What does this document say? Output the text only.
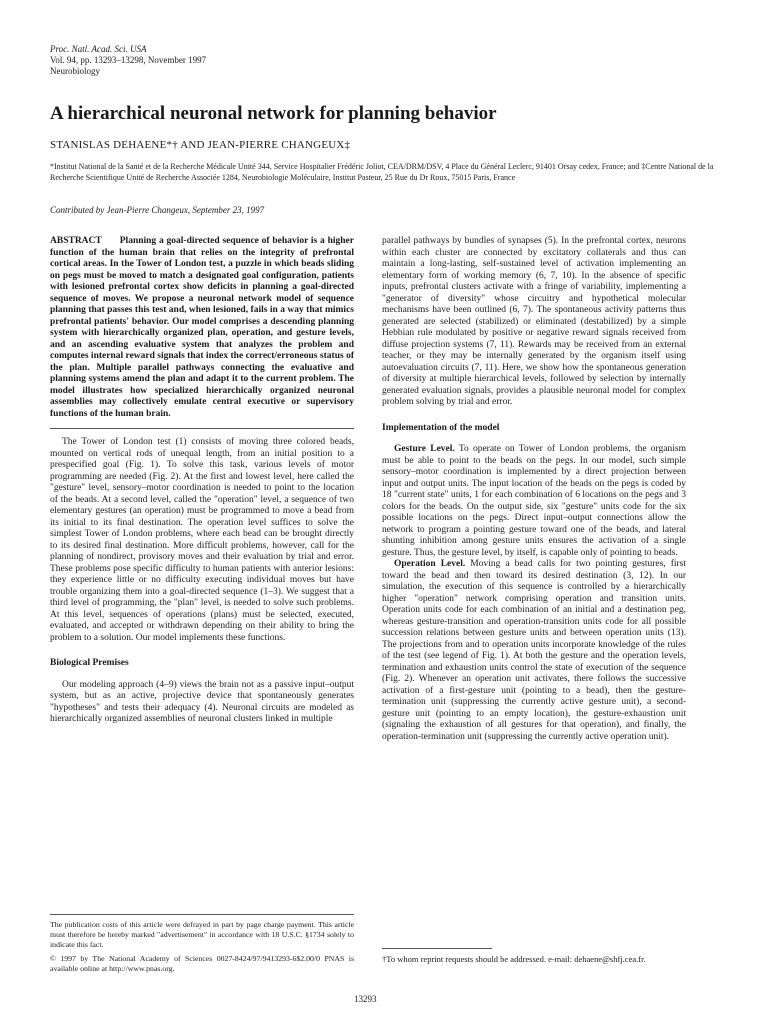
Proc. Natl. Acad. Sci. USA
Vol. 94, pp. 13293–13298, November 1997
Neurobiology
A hierarchical neuronal network for planning behavior
STANISLAS DEHAENE*† AND JEAN-PIERRE CHANGEUX‡
*Institut National de la Santé et de la Recherche Médicale Unité 344, Service Hospitalier Frédéric Joliot, CEA/DRM/DSV, 4 Place du Général Leclerc, 91401 Orsay cedex, France; and ‡Centre National de la Recherche Scientifique Unité de Recherche Associée 1284, Neurobiologie Moléculaire, Institut Pasteur, 25 Rue du Dr Roux, 75015 Paris, France
Contributed by Jean-Pierre Changeux, September 23, 1997

ABSTRACT Planning a goal-directed sequence of behavior is a higher function of the human brain that relies on the integrity of prefrontal cortical areas. In the Tower of London test, a puzzle in which beads sliding on pegs must be moved to match a designated goal configuration, patients with lesioned prefrontal cortex show deficits in planning a goal-directed sequence of moves. We propose a neuronal network model of sequence planning that passes this test and, when lesioned, fails in a way that mimics prefrontal patients' behavior. Our model comprises a descending planning system with hierarchically organized plan, operation, and gesture levels, and an ascending evaluative system that analyzes the problem and computes internal reward signals that index the correct/erroneous status of the plan. Multiple parallel pathways connecting the evaluative and planning systems amend the plan and adapt it to the current problem. The model illustrates how specialized hierarchically organized neuronal assemblies may collectively emulate central executive or supervisory functions of the human brain.

The Tower of London test (1) consists of moving three colored beads, mounted on vertical rods of unequal length, from an initial position to a prespecified goal (Fig. 1). To solve this task, various levels of motor programming are needed (Fig. 2). At the first and lowest level, here called the "gesture" level, sensory–motor coordination is needed to point to the location of the beads. At a second level, called the "operation" level, a sequence of two elementary gestures (an operation) must be programmed to move a bead from its initial to its final destination. The operation level suffices to solve the simplest Tower of London problems, where each bead can be brought directly to its desired final destination. More difficult problems, however, call for the planning of nondirect, provisory moves and their evaluation by trial and error. These problems pose specific difficulty to human patients with anterior lesions: they experience little or no difficulty executing individual moves but have trouble organizing them into a goal-directed sequence (1–3). We suggest that a third level of programming, the "plan" level, is needed to solve such problems. At this level, sequences of operations (plans) must be selected, executed, evaluated, and accepted or withdrawn depending on their ability to bring the problem to a solution. Our model implements these functions.

Biological Premises

Our modeling approach (4–9) views the brain not as a passive input–output system, but as an active, projective device that spontaneously generates "hypotheses" and tests their adequacy (4). Neuronal circuits are modeled as hierarchically organized assemblies of neuronal clusters linked in multiple

parallel pathways by bundles of synapses (5). In the prefrontal cortex, neurons within each cluster are connected by excitatory collaterals and thus can maintain a long-lasting, self-sustained level of activation implementing an elementary form of working memory (6, 7, 10). In the absence of specific inputs, prefrontal clusters activate with a fringe of variability, implementing a "generator of diversity" whose circuitry and hypothetical molecular mechanisms have been outlined (6, 7). The spontaneous activity patterns thus generated are selected (stabilized) or eliminated (destabilized) by a simple Hebbian rule modulated by positive or negative reward signals received from diffuse projection systems (7, 11). Rewards may be received from an external teacher, or they may be internally generated by the organism itself using autoevaluation circuits (7, 11). Here, we show how the spontaneous generation of diversity at multiple hierarchical levels, followed by selection by internally generated evaluation signals, provides a plausible neuronal model for complex problem solving by trial and error.

Implementation of the model

Gesture Level. To operate on Tower of London problems, the organism must be able to point to the beads on the pegs. In our model, such simple sensory–motor coordination is implemented by a direct projection between input and output units. The input location of the beads on the pegs is coded by 18 "current state" units, 1 for each combination of 6 locations on the pegs and 3 colors for the beads. On the output side, six "gesture" units code for the six possible locations on the pegs. Direct input–output connections allow the network to program a pointing gesture toward one of the beads, and lateral shunting inhibition among gesture units ensures the activation of a single gesture. Thus, the gesture level, by itself, is capable only of pointing to beads.

Operation Level. Moving a bead calls for two pointing gestures, first toward the bead and then toward its desired destination (3, 12). In our simulation, the execution of this sequence is controlled by a hierarchically higher "operation" network comprising operation and transition units. Operation units code for each combination of an initial and a destination peg, whereas gesture-transition and operation-transition units code for all possible succession relations between gesture units and between operation units (13). The projections from and to operation units incorporate knowledge of the rules of the test (see legend of Fig. 1). At both the gesture and the operation levels, termination and exhaustion units control the state of execution of the sequence (Fig. 2). Whenever an operation unit activates, there follows the successive activation of a first-gesture unit (pointing to a bead), then the gesture-termination unit (suppressing the currently active gesture unit), a second-gesture unit (pointing to an empty location), the gesture-exhaustion unit (signaling the exhaustion of all gestures for that operation), and finally, the operation-termination unit (suppressing the currently active operation unit).

The publication costs of this article were defrayed in part by page charge payment. This article must therefore be hereby marked "advertisement" in accordance with 18 U.S.C. §1734 solely to indicate this fact.

© 1997 by The National Academy of Sciences 0027-8424/97/9413293-6$2.00/0 PNAS is available online at http://www.pnas.org.

†To whom reprint requests should be addressed. e-mail: dehaene@shfj.cea.fr.

13293
